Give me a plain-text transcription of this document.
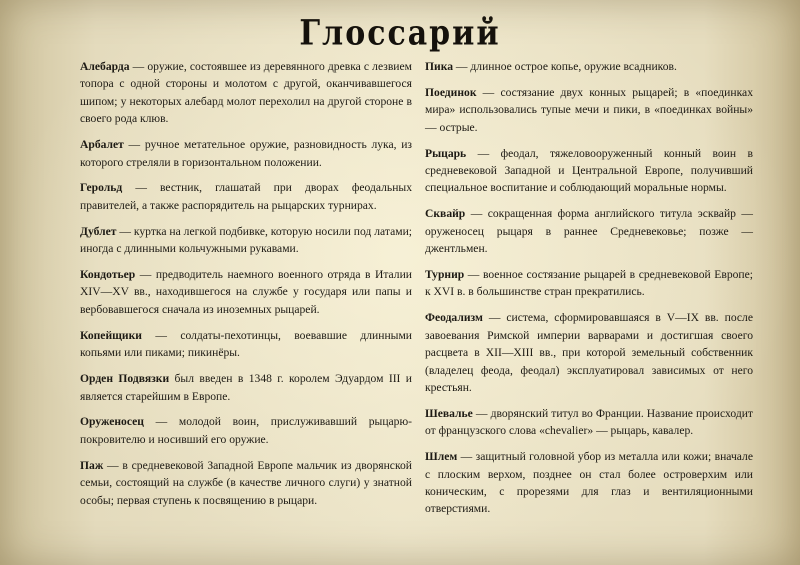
Глоссарий

Алебарда — оружие, состоявшее из деревянного древка с лезвием топора с одной стороны и молотом с другой, оканчивавшегося шипом; у некоторых алебард молот перехолил на другой стороне в своего рода клюв.

Арбалет — ручное метательное оружие, разновидность лука, из которого стреляли в горизонтальном положении.

Герольд — вестник, глашатай при дворах феодальных правителей, а также распорядитель на рыцарских турнирах.

Дублет — куртка на легкой подбивке, которую носили под латами; иногда с длинными кольчужными рукавами.

Кондотьер — предводитель наемного военного отряда в Италии XIV—XV вв., находившегося на службе у государя или папы и вербовавшегося сначала из иноземных рыцарей.

Копейщики — солдаты-пехотинцы, воевавшие длинными копьями или пиками; пикинёры.

Орден Подвязки был введен в 1348 г. королем Эдуардом III и является старейшим в Европе.

Оруженосец — молодой воин, прислуживавший рыцарю-покровителю и носивший его оружие.

Паж — в средневековой Западной Европе мальчик из дворянской семьи, состоящий на службе (в качестве личного слуги) у знатной особы; первая ступень к посвящению в рыцари.

Пика — длинное острое копье, оружие всадников.

Поединок — состязание двух конных рыцарей; в «поединках мира» использовались тупые мечи и пики, в «поединках войны» — острые.

Рыцарь — феодал, тяжеловооруженный конный воин в средневековой Западной и Центральной Европе, получивший специальное воспитание и соблюдающий моральные нормы.

Сквайр — сокращенная форма английского титула эсквайр — оруженосец рыцаря в раннее Средневековье; позже — джентльмен.

Турнир — военное состязание рыцарей в средневековой Европе; к XVI в. в большинстве стран прекратились.

Феодализм — система, сформировавшаяся в V—IX вв. после завоевания Римской империи варварами и достигшая своего расцвета в XII—XIII вв., при которой земельный собственник (владелец феода, феодал) эксплуатировал зависимых от него крестьян.

Шевалье — дворянский титул во Франции. Название происходит от французского слова «chevalier» — рыцарь, кавалер.

Шлем — защитный головной убор из металла или кожи; вначале с плоским верхом, позднее он стал более островерхим или коническим, с прорезями для глаз и вентиляционными отверстиями.
